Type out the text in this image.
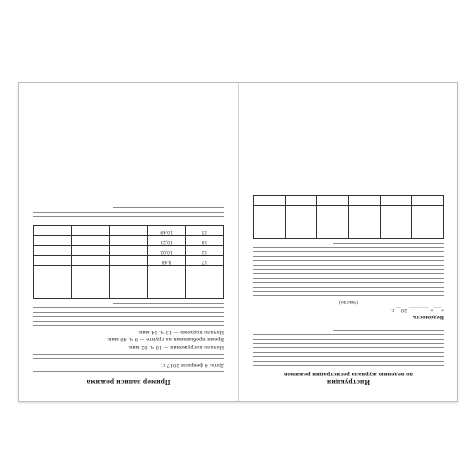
Инструкция
по ведению журнала регистрации режимов
Ведомость
«___» ________ 20__ г.
(число)

Пример записи режима
Дата: 4 февраля 2017 г.
Начало погружения — 10 ч. 02 мин.
Время пребывания на грунте — 9 ч. 40 мин.
Начало подъема — 13 ч. 14 мин.

17	8,48			
12	10,02			
18	10,21			
15	10,49			
